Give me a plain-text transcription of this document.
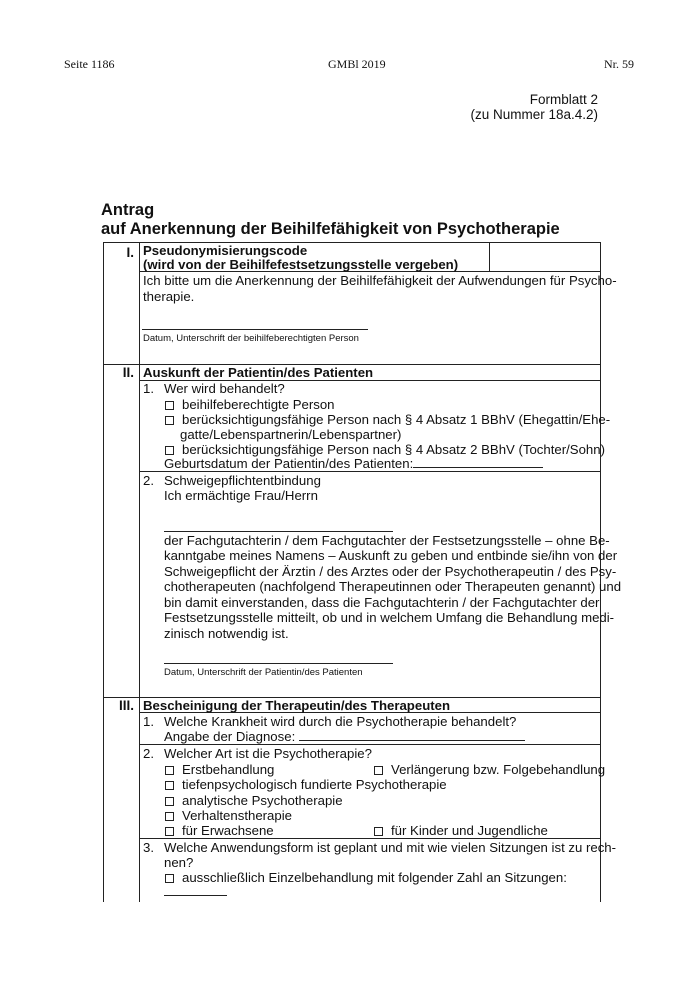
Seite 1186	GMBl 2019	Nr. 59
Formblatt 2
(zu Nummer 18a.4.2)
Antrag
auf Anerkennung der Beihilfefähigkeit von Psychotherapie
I. Pseudonymisierungscode
(wird von der Beihilfefestsetzungsstelle vergeben)
Ich bitte um die Anerkennung der Beihilfefähigkeit der Aufwendungen für Psycho-
therapie.
Datum, Unterschrift der beihilfeberechtigten Person
II. Auskunft der Patientin/des Patienten
1. Wer wird behandelt?
beihilfeberechtigte Person
berücksichtigungsfähige Person nach § 4 Absatz 1 BBhV (Ehegattin/Ehe-
gatte/Lebenspartnerin/Lebenspartner)
berücksichtigungsfähige Person nach § 4 Absatz 2 BBhV (Tochter/Sohn)
Geburtsdatum der Patientin/des Patienten:
2. Schweigepflichtentbindung
Ich ermächtige Frau/Herrn
der Fachgutachterin / dem Fachgutachter der Festsetzungsstelle – ohne Be-
kanntgabe meines Namens – Auskunft zu geben und entbinde sie/ihn von der
Schweigepflicht der Ärztin / des Arztes oder der Psychotherapeutin / des Psy-
chotherapeuten (nachfolgend Therapeutinnen oder Therapeuten genannt) und
bin damit einverstanden, dass die Fachgutachterin / der Fachgutachter der
Festsetzungsstelle mitteilt, ob und in welchem Umfang die Behandlung medi-
zinisch notwendig ist.
Datum, Unterschrift der Patientin/des Patienten
III. Bescheinigung der Therapeutin/des Therapeuten
1. Welche Krankheit wird durch die Psychotherapie behandelt?
Angabe der Diagnose:
2. Welcher Art ist die Psychotherapie?
Erstbehandlung	Verlängerung bzw. Folgebehandlung
tiefenpsychologisch fundierte Psychotherapie
analytische Psychotherapie
Verhaltenstherapie
für Erwachsene	für Kinder und Jugendliche
3. Welche Anwendungsform ist geplant und mit wie vielen Sitzungen ist zu rech-
nen?
ausschließlich Einzelbehandlung mit folgender Zahl an Sitzungen:
